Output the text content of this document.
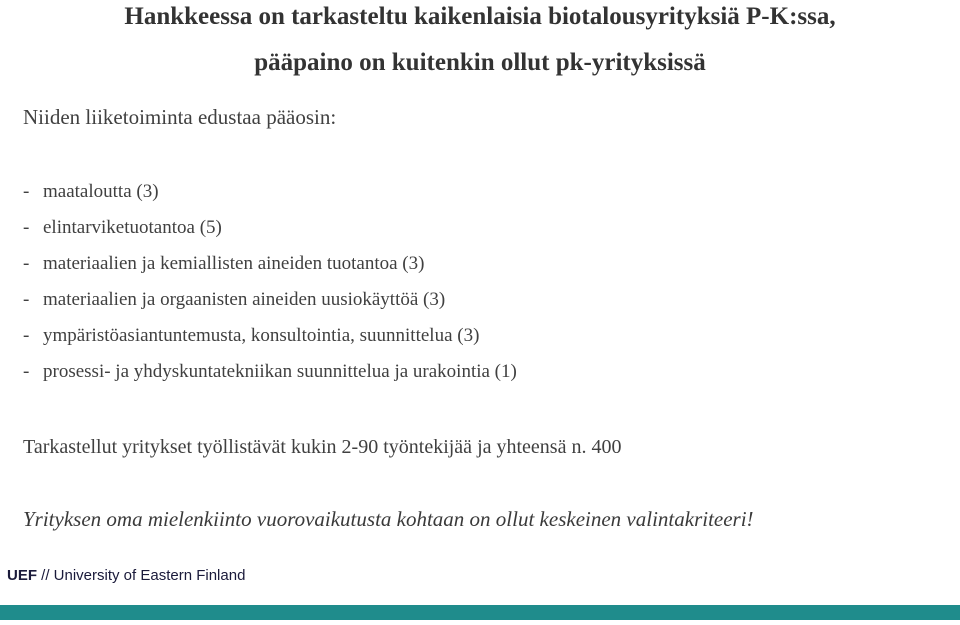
Hankkeessa on tarkasteltu kaikenlaisia biotalousyrityksiä P-K:ssa,
pääpaino on kuitenkin ollut pk-yrityksissä
Niiden liiketoiminta edustaa pääosin:
- maataloutta (3)
- elintarviketuotantoa (5)
- materiaalien ja kemiallisten aineiden tuotantoa (3)
- materiaalien ja orgaanisten aineiden uusiokäyttöä (3)
- ympäristöasiantuntemusta, konsultointia, suunnittelua (3)
- prosessi- ja yhdyskuntatekniikan suunnittelua ja urakointia (1)
Tarkastellut yritykset työllistävät kukin 2-90 työntekijää ja yhteensä n. 400
Yrityksen oma mielenkiinto vuorovaikutusta kohtaan on ollut keskeinen valintakriteeri!
UEF // University of Eastern Finland
